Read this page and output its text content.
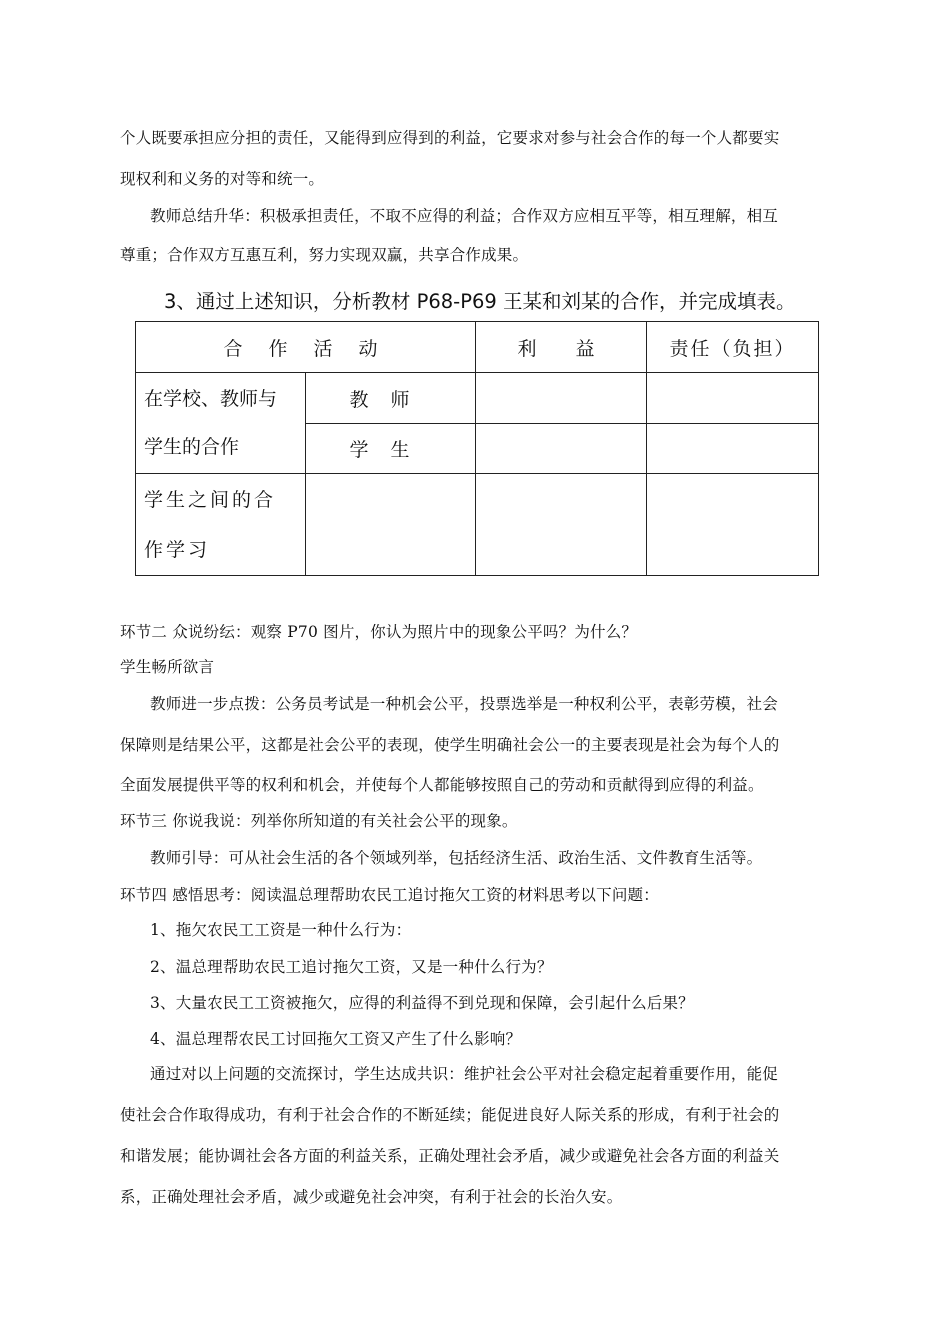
个人既要承担应分担的责任，又能得到应得到的利益，它要求对参与社会合作的每一个人都要实
现权利和义务的对等和统一。
教师总结升华：积极承担责任，不取不应得的利益；合作双方应相互平等，相互理解，相互
尊重；合作双方互惠互利，努力实现双赢，共享合作成果。
3、通过上述知识，分析教材 P68-P69 王某和刘某的合作，并完成填表。
合 作 活 动		利　益	责任（负担）

在学校、教师与
学生的合作	教师		
	学生		

学生之间的合
作学习			

环节二 众说纷纭：观察 P70 图片，你认为照片中的现象公平吗？为什么？
学生畅所欲言
教师进一步点拨：公务员考试是一种机会公平，投票选举是一种权利公平，表彰劳模，社会
保障则是结果公平，这都是社会公平的表现，使学生明确社会公一的主要表现是社会为每个人的
全面发展提供平等的权利和机会，并使每个人都能够按照自己的劳动和贡献得到应得的利益。
环节三 你说我说：列举你所知道的有关社会公平的现象。
教师引导：可从社会生活的各个领域列举，包括经济生活、政治生活、文件教育生活等。
环节四 感悟思考：阅读温总理帮助农民工追讨拖欠工资的材料思考以下问题：
1、拖欠农民工工资是一种什么行为：
2、温总理帮助农民工追讨拖欠工资，又是一种什么行为？
3、大量农民工工资被拖欠，应得的利益得不到兑现和保障，会引起什么后果？
4、温总理帮农民工讨回拖欠工资又产生了什么影响？
通过对以上问题的交流探讨，学生达成共识：维护社会公平对社会稳定起着重要作用，能促
使社会合作取得成功，有利于社会合作的不断延续；能促进良好人际关系的形成，有利于社会的
和谐发展；能协调社会各方面的利益关系，正确处理社会矛盾，减少或避免社会各方面的利益关
系，正确处理社会矛盾，减少或避免社会冲突，有利于社会的长治久安。
